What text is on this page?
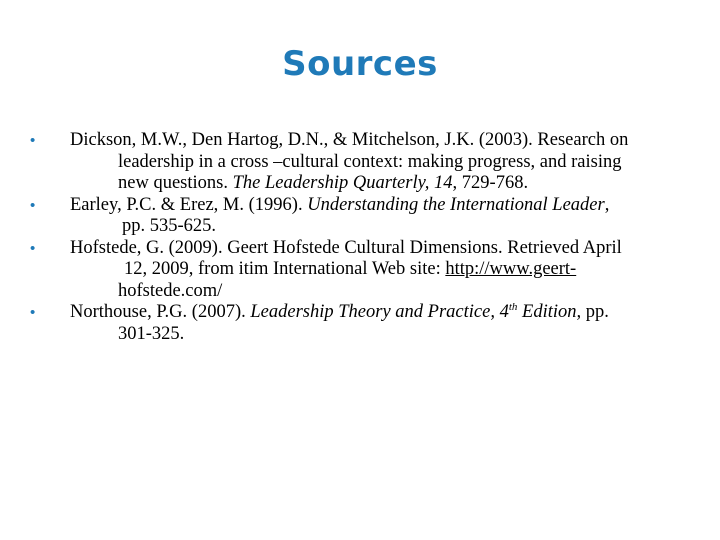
Sources
•	Dickson, M.W., Den Hartog, D.N., & Mitchelson, J.K. (2003). Research on
leadership in a cross –cultural context: making progress, and raising
new questions. The Leadership Quarterly, 14, 729-768.
•	Earley, P.C. & Erez, M. (1996). Understanding the International Leader,
pp. 535-625.
•	Hofstede, G. (2009). Geert Hofstede Cultural Dimensions. Retrieved April
12, 2009, from itim International Web site: http://www.geert-
hofstede.com/
•	Northouse, P.G. (2007). Leadership Theory and Practice, 4th Edition, pp.
301-325.
